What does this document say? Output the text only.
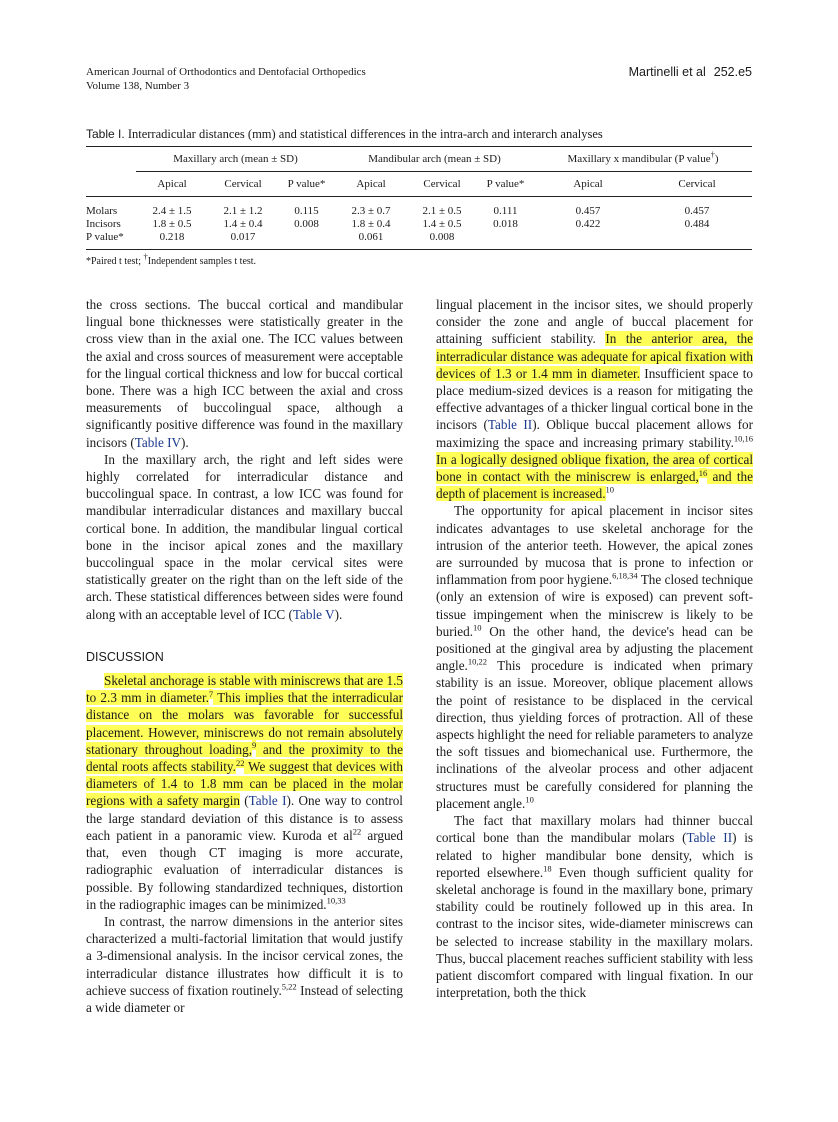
American Journal of Orthodontics and Dentofacial Orthopedics
Volume 138, Number 3
Martinelli et al 252.e5
Table I. Interradicular distances (mm) and statistical differences in the intra-arch and interarch analyses
	Maxillary arch (mean ± SD)			Mandibular arch (mean ± SD)			Maxillary x mandibular (P value†)	
	Apical	Cervical	P value*	Apical	Cervical	P value*	Apical	Cervical

Molars	2.4 ± 1.5	2.1 ± 1.2	0.115	2.3 ± 0.7	2.1 ± 0.5	0.111	0.457	0.457
Incisors	1.8 ± 0.5	1.4 ± 0.4	0.008	1.8 ± 0.4	1.4 ± 0.5	0.018	0.422	0.484
P value*	0.218	0.017		0.061	0.008			

*Paired t test; †Independent samples t test.

the cross sections. The buccal cortical and mandibular lingual bone thicknesses were statistically greater in the cross view than in the axial one. The ICC values between the axial and cross sources of measurement were acceptable for the lingual cortical thickness and low for buccal cortical bone. There was a high ICC between the axial and cross measurements of buccolingual space, although a significantly positive difference was found in the maxillary incisors (Table IV).

In the maxillary arch, the right and left sides were highly correlated for interradicular distance and buccolingual space. In contrast, a low ICC was found for mandibular interradicular distances and maxillary buccal cortical bone. In addition, the mandibular lingual cortical bone in the incisor apical zones and the maxillary buccolingual space in the molar cervical sites were statistically greater on the right than on the left side of the arch. These statistical differences between sides were found along with an acceptable level of ICC (Table V).

DISCUSSION

Skeletal anchorage is stable with miniscrews that are 1.5 to 2.3 mm in diameter.$^7$ This implies that the interradicular distance on the molars was favorable for successful placement. However, miniscrews do not remain absolutely stationary throughout loading,$^9$ and the proximity to the dental roots affects stability.$^{22}$ We suggest that devices with diameters of 1.4 to 1.8 mm can be placed in the molar regions with a safety margin (Table I). One way to control the large standard deviation of this distance is to assess each patient in a panoramic view. Kuroda et $al^{22}$ argued that, even though CT imaging is more accurate, radiographic evaluation of interradicular distances is possible. By following standardized techniques, distortion in the radiographic images can be minimized.$^{10,33}$

In contrast, the narrow dimensions in the anterior sites characterized a multi-factorial limitation that would justify a 3-dimensional analysis. In the incisor cervical zones, the interradicular distance illustrates how difficult it is to achieve success of fixation routinely.$^{5,22}$ Instead of selecting a wide diameter or

lingual placement in the incisor sites, we should properly consider the zone and angle of buccal placement for attaining sufficient stability. In the anterior area, the interradicular distance was adequate for apical fixation with devices of 1.3 or 1.4 mm in diameter. Insufficient space to place medium-sized devices is a reason for mitigating the effective advantages of a thicker lingual cortical bone in the incisors (Table II). Oblique buccal placement allows for maximizing the space and increasing primary stability.$^{10,16}$ In a logically designed oblique fixation, the area of cortical bone in contact with the miniscrew is enlarged,$^{16}$ and the depth of placement is increased.$^{10}$

The opportunity for apical placement in incisor sites indicates advantages to use skeletal anchorage for the intrusion of the anterior teeth. However, the apical zones are surrounded by mucosa that is prone to infection or inflammation from poor hygiene.$^{6,18,34}$ The closed technique (only an extension of wire is exposed) can prevent soft-tissue impingement when the miniscrew is likely to be buried.$^{10}$ On the other hand, the device's head can be positioned at the gingival area by adjusting the placement angle.$^{10,22}$ This procedure is indicated when primary stability is an issue. Moreover, oblique placement allows the point of resistance to be displaced in the cervical direction, thus yielding forces of protraction. All of these aspects highlight the need for reliable parameters to analyze the soft tissues and biomechanical use. Furthermore, the inclinations of the alveolar process and other adjacent structures must be carefully considered for planning the placement angle.$^{10}$

The fact that maxillary molars had thinner buccal cortical bone than the mandibular molars (Table II) is related to higher mandibular bone density, which is reported elsewhere.$^{18}$ Even though sufficient quality for skeletal anchorage is found in the maxillary bone, primary stability could be routinely followed up in this area. In contrast to the incisor sites, wide-diameter miniscrews can be selected to increase stability in the maxillary molars. Thus, buccal placement reaches sufficient stability with less patient discomfort compared with lingual fixation. In our interpretation, both the thick
